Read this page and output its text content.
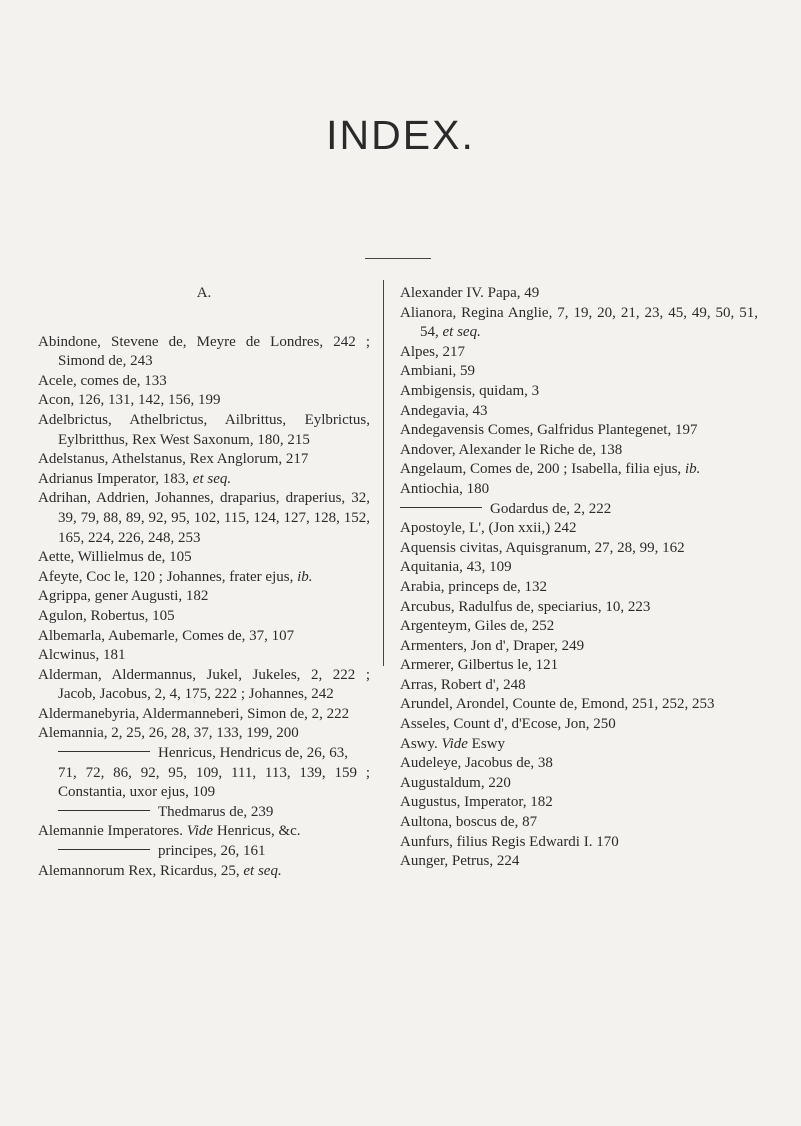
INDEX.
A.

Abindone, Stevene de, Meyre de Londres, 242 ; Simond de, 243

Acele, comes de, 133

Acon, 126, 131, 142, 156, 199

Adelbrictus, Athelbrictus, Ailbrittus, Eylbrictus, Eylbritthus, Rex West Saxonum, 180, 215

Adelstanus, Athelstanus, Rex Anglorum, 217

Adrianus Imperator, 183, et seq.

Adrihan, Addrien, Johannes, draparius, draperius, 32, 39, 79, 88, 89, 92, 95, 102, 115, 124, 127, 128, 152, 165, 224, 226, 248, 253

Aette, Willielmus de, 105

Afeyte, Coc le, 120 ; Johannes, frater ejus, ib.

Agrippa, gener Augusti, 182

Agulon, Robertus, 105

Albemarla, Aubemarle, Comes de, 37, 107

Alcwinus, 181

Alderman, Aldermannus, Jukel, Jukeles, 2, 222 ; Jacob, Jacobus, 2, 4, 175, 222 ; Johannes, 242

Aldermanebyria, Aldermanneberi, Simon de, 2, 222

Alemannia, 2, 25, 26, 28, 37, 133, 199, 200

Henricus, Hendricus de, 26, 63,

71, 72, 86, 92, 95, 109, 111, 113, 139, 159 ; Constantia, uxor ejus, 109

Thedmarus de, 239

Alemannie Imperatores. Vide Henricus, &c.

principes, 26, 161

Alemannorum Rex, Ricardus, 25, et seq.

Alexander IV. Papa, 49

Alianora, Regina Anglie, 7, 19, 20, 21, 23, 45, 49, 50, 51, 54, et seq.

Alpes, 217

Ambiani, 59

Ambigensis, quidam, 3

Andegavia, 43

Andegavensis Comes, Galfridus Plantegenet, 197

Andover, Alexander le Riche de, 138

Angelaum, Comes de, 200 ; Isabella, filia ejus, ib.

Antiochia, 180

Godardus de, 2, 222

Apostoyle, L', (Jon xxii,) 242

Aquensis civitas, Aquisgranum, 27, 28, 99, 162

Aquitania, 43, 109

Arabia, princeps de, 132

Arcubus, Radulfus de, speciarius, 10, 223

Argenteym, Giles de, 252

Armenters, Jon d', Draper, 249

Armerer, Gilbertus le, 121

Arras, Robert d', 248

Arundel, Arondel, Counte de, Emond, 251, 252, 253

Asseles, Count d', d'Ecose, Jon, 250

Aswy. Vide Eswy

Audeleye, Jacobus de, 38

Augustaldum, 220

Augustus, Imperator, 182

Aultona, boscus de, 87

Aunfurs, filius Regis Edwardi I. 170

Aunger, Petrus, 224
